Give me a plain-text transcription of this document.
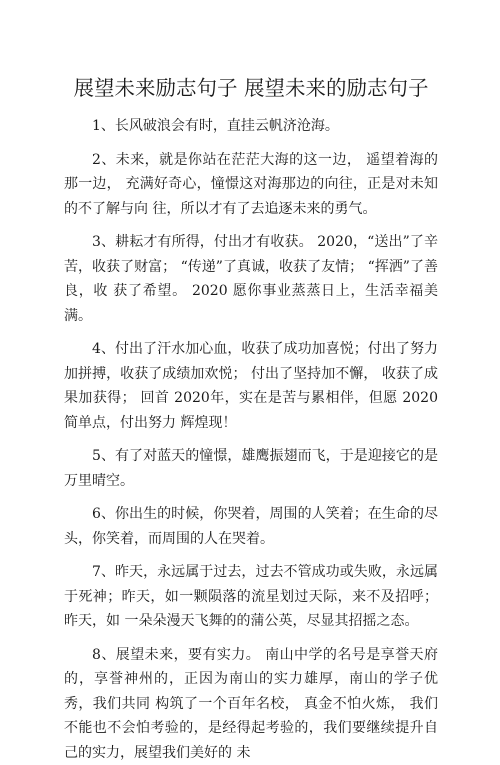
展望未来励志句子 展望未来的励志句子

1、长风破浪会有时，直挂云帆济沧海。

2、未来，就是你站在茫茫大海的这一边， 遥望着海的那一边， 充满好奇心，憧憬这对海那边的向往，正是对未知的不了解与向 往，所以才有了去追逐未来的勇气。

3、耕耘才有所得，付出才有收获。 2020，“送出”了辛苦，收获了财富； “传递”了真诚，收获了友情； “挥洒”了善良，收 获了希望。 2020 愿你事业蒸蒸日上，生活幸福美满。

4、付出了汗水加心血，收获了成功加喜悦；付出了努力加拼搏，收获了成绩加欢悦； 付出了坚持加不懈， 收获了成果加获得； 回首 2020年，实在是苦与累相伴，但愿 2020 简单点，付出努力 辉煌现！

5、有了对蓝天的憧憬，雄鹰振翅而飞，于是迎接它的是万里晴空。

6、你出生的时候，你哭着，周围的人笑着；在生命的尽头，你笑着，而周围的人在哭着。

7、昨天，永远属于过去，过去不管成功或失败，永远属于死神；昨天，如一颗陨落的流星划过天际，来不及招呼；昨天，如 一朵朵漫天飞舞的的蒲公英，尽显其招摇之态。

8、展望未来，要有实力。 南山中学的名号是享誉天府的，享誉神州的，正因为南山的实力雄厚，南山的学子优秀，我们共同 构筑了一个百年名校， 真金不怕火炼， 我们不能也不会怕考验的，是经得起考验的，我们要继续提升自己的实力，展望我们美好的 未
